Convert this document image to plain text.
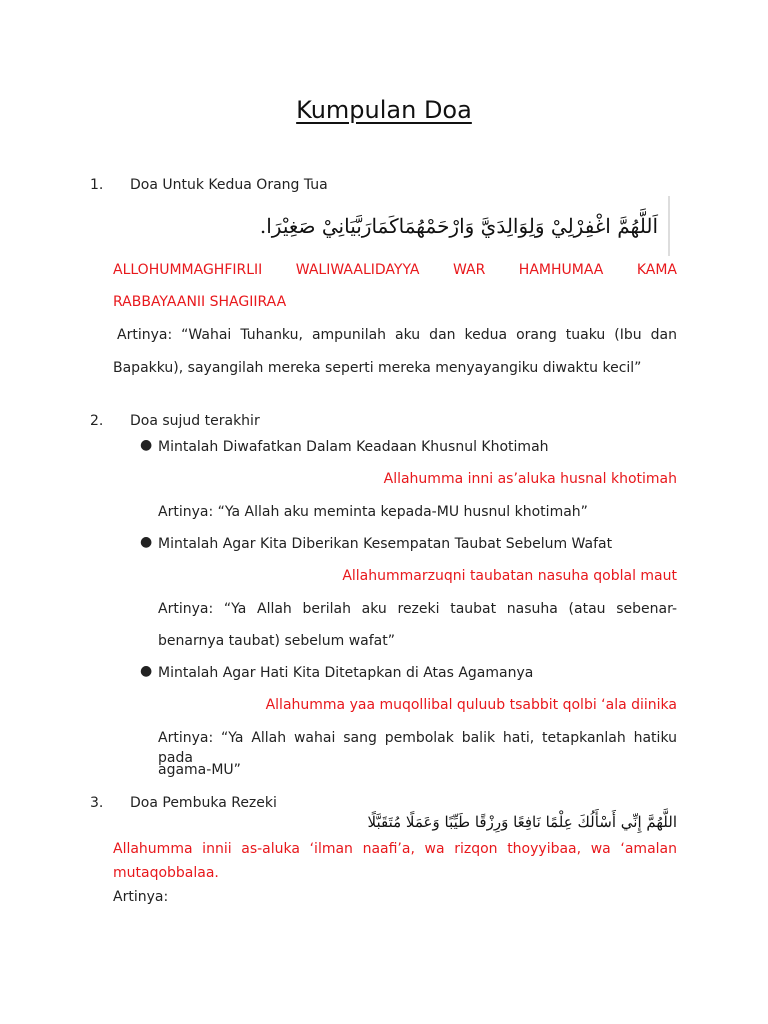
Kumpulan Doa
1. Doa Untuk Kedua Orang Tua
اَللَّهُمَّ اغْفِرْلِيْ وَلِوَالِدَيَّ وَارْحَمْهُمَاكَمَارَبَّيَانِيْ صَغِيْرَا.
ALLOHUMMAGHFIRLII WALIWAALIDAYYA WAR HAMHUMAA KAMA
RABBAYAANII SHAGIIRAA
Artinya: “Wahai Tuhanku, ampunilah aku dan kedua orang tuaku (Ibu dan
Bapakku), sayangilah mereka seperti mereka menyayangiku diwaktu kecil”
2. Doa sujud terakhir
● Mintalah Diwafatkan Dalam Keadaan Khusnul Khotimah
Allahumma inni as’aluka husnal khotimah
Artinya: “Ya Allah aku meminta kepada-MU husnul khotimah”
● Mintalah Agar Kita Diberikan Kesempatan Taubat Sebelum Wafat
Allahummarzuqni taubatan nasuha qoblal maut
Artinya: “Ya Allah berilah aku rezeki taubat nasuha (atau sebenar-
benarnya taubat) sebelum wafat”
● Mintalah Agar Hati Kita Ditetapkan di Atas Agamanya
Allahumma yaa muqollibal quluub tsabbit qolbi ‘ala diinika
Artinya: “Ya Allah wahai sang pembolak balik hati, tetapkanlah hatiku pada
agama-MU”
3. Doa Pembuka Rezeki
اللَّهُمَّ إِنِّي أَسْأَلُكَ عِلْمًا نَافِعًا وَرِزْقًا طَيِّبًا وَعَمَلًا مُتَقَبَّلًا
Allahumma innii as-aluka ‘ilman naafi’a, wa rizqon thoyyibaa, wa ‘amalan
mutaqobbalaa.
Artinya:
